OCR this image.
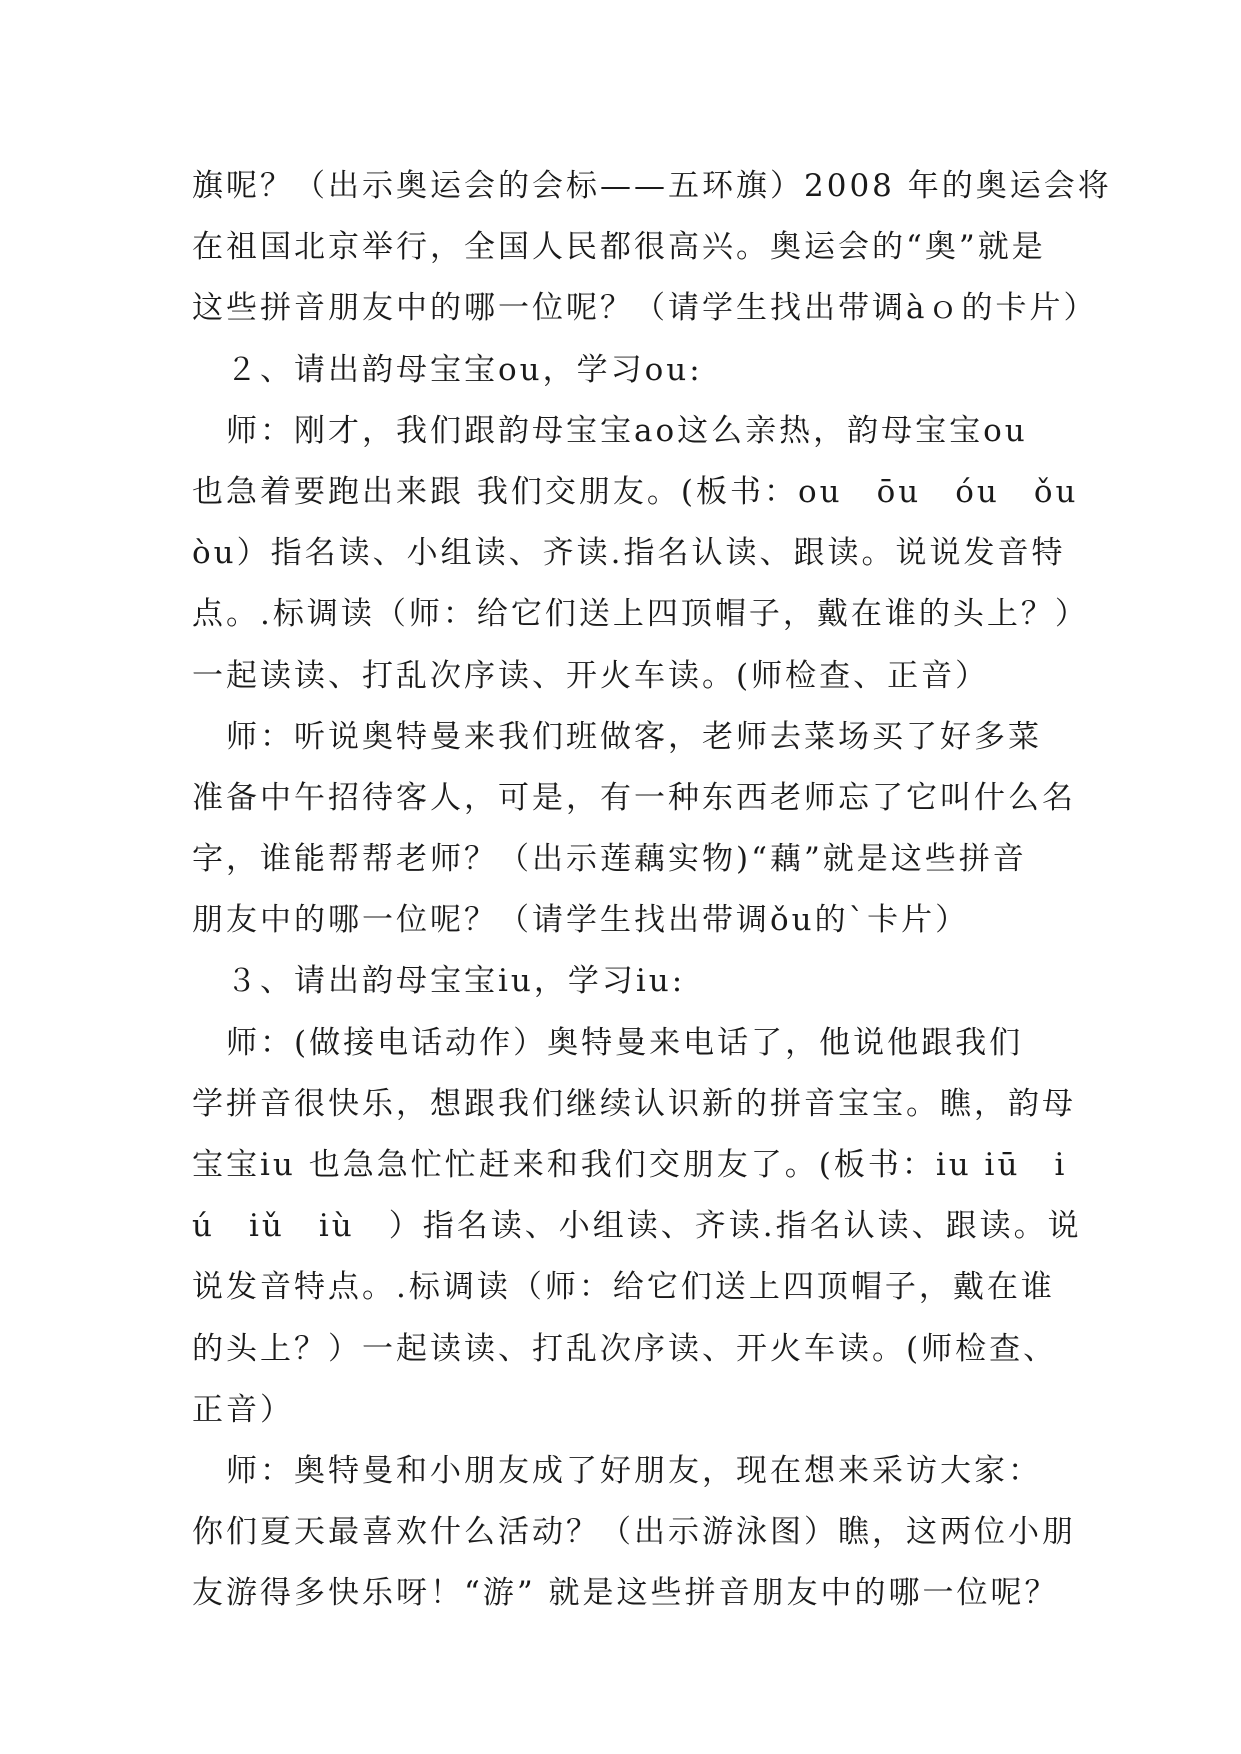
旗呢？（出示奥运会的会标——五环旗）2008 年的奥运会将
在祖国北京举行，全国人民都很高兴。奥运会的“奥”就是
这些拼音朋友中的哪一位呢？（请学生找出带调àｏ的卡片）
　２、请出韵母宝宝ou，学习ou:
　师：刚才，我们跟韵母宝宝ao这么亲热，韵母宝宝ou
也急着要跑出来跟 我们交朋友。(板书：ou　ōu　óu　ǒu
òu）指名读、小组读、齐读.指名认读、跟读。说说发音特
点。.标调读（师：给它们送上四顶帽子，戴在谁的头上？）
一起读读、打乱次序读、开火车读。(师检查、正音）
　师：听说奥特曼来我们班做客，老师去菜场买了好多菜
准备中午招待客人，可是，有一种东西老师忘了它叫什么名
字，谁能帮帮老师？（出示莲藕实物)“藕”就是这些拼音
朋友中的哪一位呢？（请学生找出带调ǒu的`卡片）
　３、请出韵母宝宝iu，学习iu:
　师：(做接电话动作）奥特曼来电话了，他说他跟我们
学拼音很快乐，想跟我们继续认识新的拼音宝宝。瞧，韵母
宝宝iu 也急急忙忙赶来和我们交朋友了。(板书：iu iū　i
ú　iǔ　iù　）指名读、小组读、齐读.指名认读、跟读。说
说发音特点。.标调读（师：给它们送上四顶帽子，戴在谁
的头上？）一起读读、打乱次序读、开火车读。(师检查、
正音）
　师：奥特曼和小朋友成了好朋友，现在想来采访大家：
你们夏天最喜欢什么活动？（出示游泳图）瞧，这两位小朋
友游得多快乐呀！“游” 就是这些拼音朋友中的哪一位呢？
